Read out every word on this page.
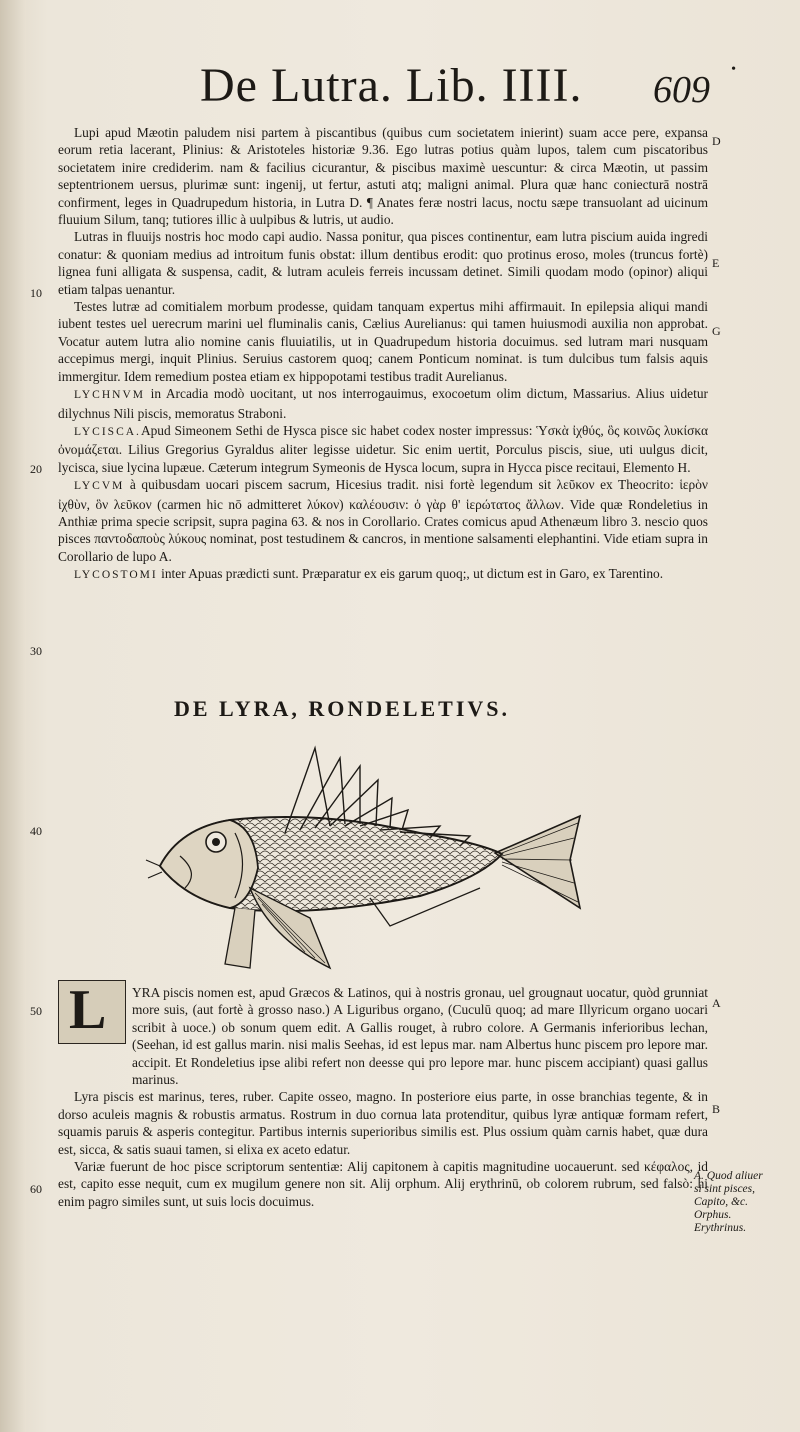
De Lutra. Lib. IIII. 609 •

Lupi apud Mæotin paludem nisi partem à piscantibus (quibus cum societatem inierint) suam acce pere, expansa eorum retia lacerant, Plinius: & Aristoteles historiæ 9.36. Ego lutras potius quàm lupos, talem cum piscatoribus societatem inire crediderim. nam & facilius cicurantur, & piscibus maximè uescuntur: & circa Mæotin, ut passim septentrionem uersus, plurimæ sunt: ingenij, ut fertur, astuti atq; maligni animal. Plura quæ hanc coniecturā nostrā confirment, leges in Quadrupedum historia, in Lutra D. ¶ Anates feræ nostri lacus, noctu sæpe transuolant ad uicinum fluuium Silum, tanq; tutiores illic à uulpibus & lutris, ut audio.

Lutras in fluuijs nostris hoc modo capi audio. Nassa ponitur, qua pisces continentur, eam lutra piscium auida ingredi conatur: & quoniam medius ad introitum funis obstat: illum dentibus erodit: quo protinus eroso, moles (truncus fortè) lignea funi alligata & suspensa, cadit, & lutram aculeis ferreis incussam detinet. Simili quodam modo (opinor) aliqui etiam talpas uenantur.

Testes lutræ ad comitialem morbum prodesse, quidam tanquam expertus mihi affirmauit. In epilepsia aliqui mandi iubent testes uel uerecrum marini uel fluminalis canis, Cælius Aurelianus: qui tamen huiusmodi auxilia non approbat. Vocatur autem lutra alio nomine canis fluuiatilis, ut in Quadrupedum historia docuimus. sed lutram mari nusquam accepimus mergi, inquit Plinius. Seruius castorem quoq; canem Ponticum nominat. is tum dulcibus tum falsis aquis immergitur. Idem remedium postea etiam ex hippopotami testibus tradit Aurelianus.

LYCHNVM in Arcadia modò uocitant, ut nos interrogauimus, exocoetum olim dictum, Massarius. Alius uidetur dilychnus Nili piscis, memoratus Straboni.

LYCISCA.Apud Simeonem Sethi de Hysca pisce sic habet codex noster impressus: Ὑσκὰ ἰχθύς, ὃς κοινῶς λυκίσκα ὀνομάζεται. Lilius Gregorius Gyraldus aliter legisse uidetur. Sic enim uertit, Porculus piscis, siue, uti uulgus dicit, lycisca, siue lycina lupæue. Cæterum integrum Symeonis de Hysca locum, supra in Hycca pisce recitaui, Elemento H.

LYCVM à quibusdam uocari piscem sacrum, Hicesius tradit. nisi fortè legendum sit λεῦκον ex Theocrito: ἱερὸν ἰχθὺν, ὃν λεῦκον (carmen hic nō admitteret λύκον) καλέουσιν: ὁ γὰρ θ' ἱερώτατος ἄλλων. Vide quæ Rondeletius in Anthiæ prima specie scripsit, supra pagina 63. & nos in Corollario. Crates comicus apud Athenæum libro 3. nescio quos pisces παντοδαποὺς λύκους nominat, post testudinem & cancros, in mentione salsamenti elephantini. Vide etiam supra in Corollario de lupo A.

LYCOSTOMI inter Apuas prædicti sunt. Præparatur ex eis garum quoq;, ut dictum est in Garo, ex Tarentino.

D
10
E
G
20
30
DE LYRA, RONDELETIVS.
40
L	YRA piscis nomen est, apud Græcos & Latinos, qui à nostris gronau, uel grougnaut uocatur, quòd grunniat more suis, (aut fortè à grosso naso.) A Liguribus organo, (Cuculū quoq; ad mare Illyricum organo uocari scribit à uoce.) ob sonum quem edit. A Gallis rouget, à rubro colore. A Germanis inferioribus lechan, (Seehan, id est gallus marin. nisi malis Seehas, id est lepus mar. nam Albertus hunc piscem pro lepore mar. accipit. Et Rondeletius ipse alibi refert non deesse qui pro lepore mar. hunc piscem accipiant) quasi gallus marinus.

Lyra piscis est marinus, teres, ruber. Capite osseo, magno. In posteriore eius parte, in osse branchias tegente, & in dorso aculeis magnis & robustis armatus. Rostrum in duo cornua lata protenditur, quibus lyræ antiquæ formam refert, squamis paruis & asperis contegitur. Partibus internis superioribus similis est. Plus ossium quàm carnis habet, quæ dura est, sicca, & satis suaui tamen, si elixa ex aceto edatur.

Variæ fuerunt de hoc pisce scriptorum sententiæ: Alij capitonem à capitis magnitudine uocauerunt. sed κέφαλος, id est, capito esse nequit, cum ex mugilum genere non sit. Alij orphum. Alij erythrinū, ob colorem rubrum, sed falsò: hi enim pagro similes sunt, ut suis locis docuimus.

50
A
B
60
A. Quod aliuer
si sint pisces,
Capito, &c.
Orphus.
Erythrinus.
